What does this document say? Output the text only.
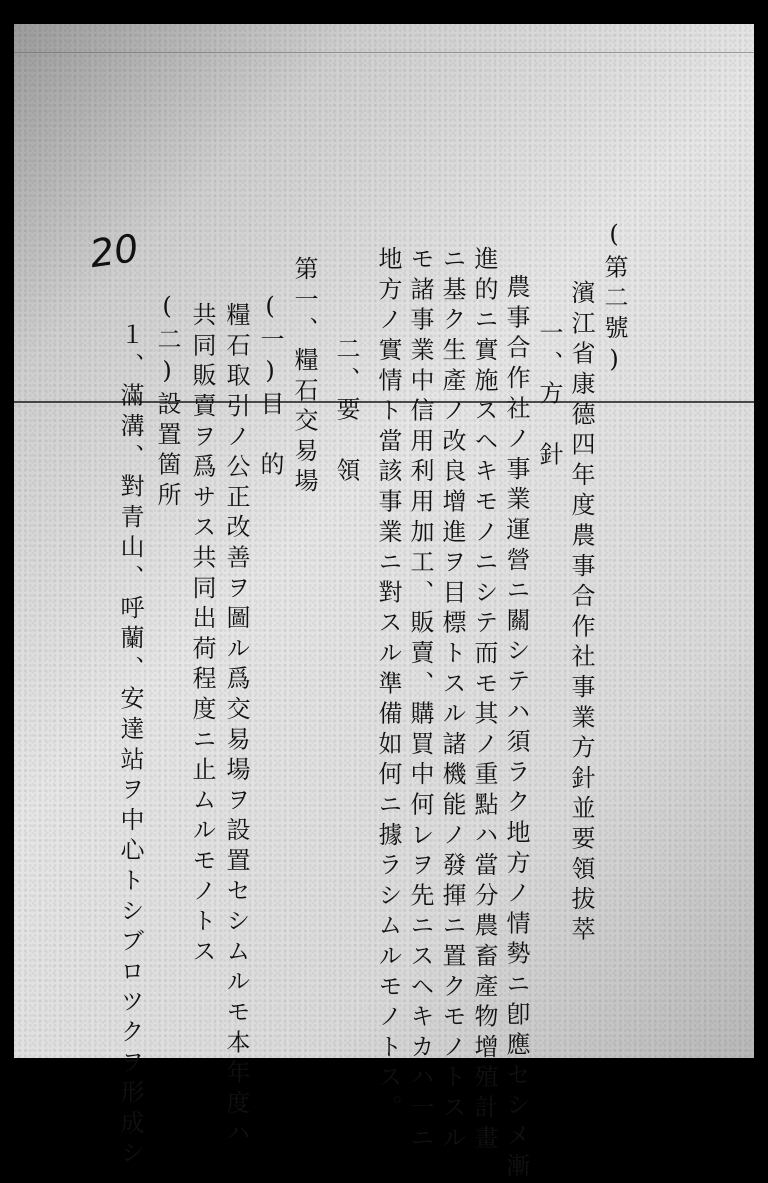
20	(第二號)
濱江省康德四年度農事合作社事業方針並要領拔萃
一、方　針
農事合作社ノ事業運營ニ關シテハ須ラク地方ノ情勢ニ卽應セシメ漸
進的ニ實施スヘキモノニシテ而モ其ノ重點ハ當分農畜產物增殖計畫
ニ基ク生產ノ改良增進ヲ目標トスル諸機能ノ發揮ニ置クモノトスル
モ諸事業中信用利用加工、販賣、購買中何レヲ先ニスヘキカハ一ニ
地方ノ實情ト當該事業ニ對スル準備如何ニ據ラシムルモノトス。
二、要　領
第一、糧石交易場
(一)目　的
糧石取引ノ公正改善ヲ圖ル爲交易場ヲ設置セシムルモ本年度ハ
共同販賣ヲ爲サス共同出荷程度ニ止ムルモノトス
(二)設置箇所
１、滿溝、對青山、呼蘭、安達站ヲ中心トシブロツクヲ形成シ
